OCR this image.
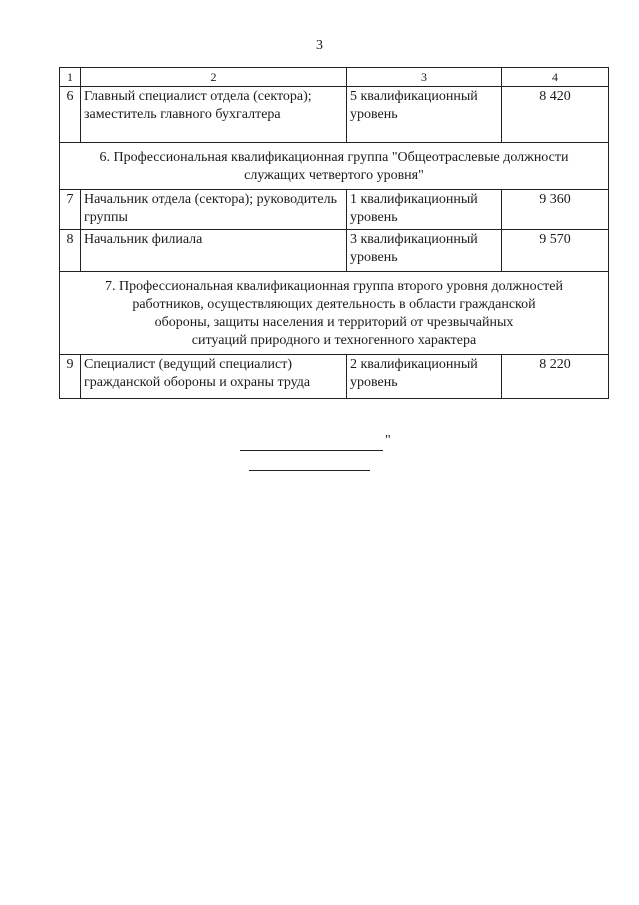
3
1	2	3	4
6	Главный специалист отдела (сектора); заместитель главного бухгалтера	5 квалификационный уровень	8 420

6. Профессиональная квалификационная группа "Общеотраслевые должности
служащих четвертого уровня"			

7	Начальник отдела (сектора); руководитель группы	1 квалификационный уровень	9 360
8	Начальник филиала	3 квалификационный уровень	9 570

7. Профессиональная квалификационная группа второго уровня должностей
работников, осуществляющих деятельность в области гражданской
обороны, защиты населения и территорий от чрезвычайных
ситуаций природного и техногенного характера			

9	Специалист (ведущий специалист) гражданской обороны и охраны труда	2 квалификационный уровень	8 220
"
